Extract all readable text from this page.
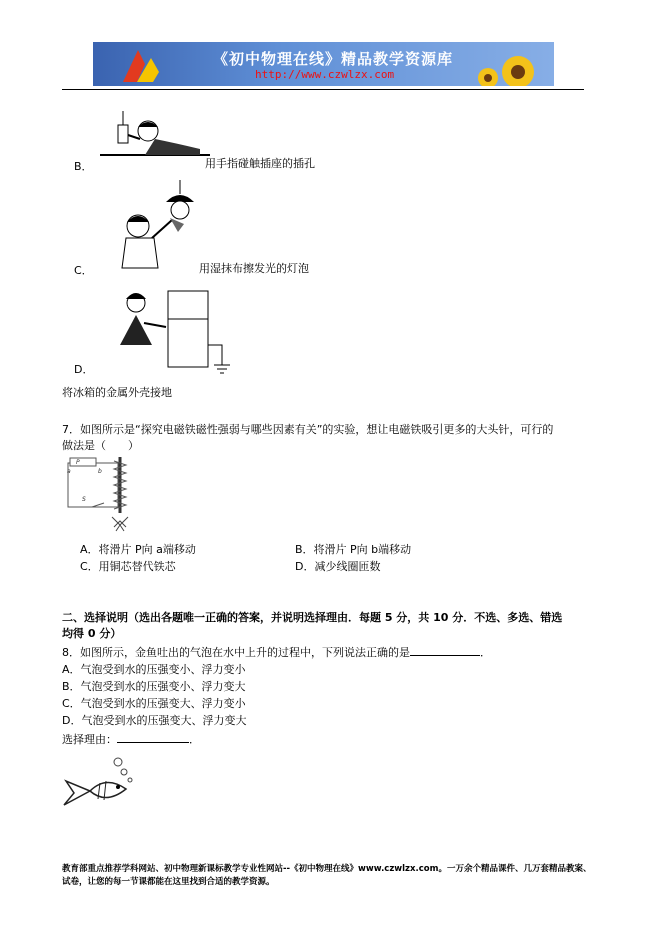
《初中物理在线》精品教学资源库
http://www.czwlzx.com
B．	用手指碰触插座的插孔
C．	用湿抹布擦发光的灯泡
D．
将冰箱的金属外壳接地
7．如图所示是“探究电磁铁磁性强弱与哪些因素有关”的实验，想让电磁铁吸引更多的大头针，可行的
做法是（　　）
P
a	b
S
A．将滑片 P向 a端移动	B．将滑片 P向 b端移动
C．用铜芯替代铁芯	D．减少线圈匝数
二、选择说明（选出各题唯一正确的答案，并说明选择理由．每题 5 分，共 10 分．不选、多选、错选
均得 0 分）
8．如图所示，金鱼吐出的气泡在水中上升的过程中，下列说法正确的是	．
A．气泡受到水的压强变小、浮力变小
B．气泡受到水的压强变小、浮力变大
C．气泡受到水的压强变大、浮力变小
D．气泡受到水的压强变大、浮力变大
选择理由：	．
教育部重点推荐学科网站、初中物理新课标教学专业性网站--《初中物理在线》www.czwlzx.com。一万余个精品课件、几万套精品教案、试卷，让您的每一节课都能在这里找到合适的教学资源。
